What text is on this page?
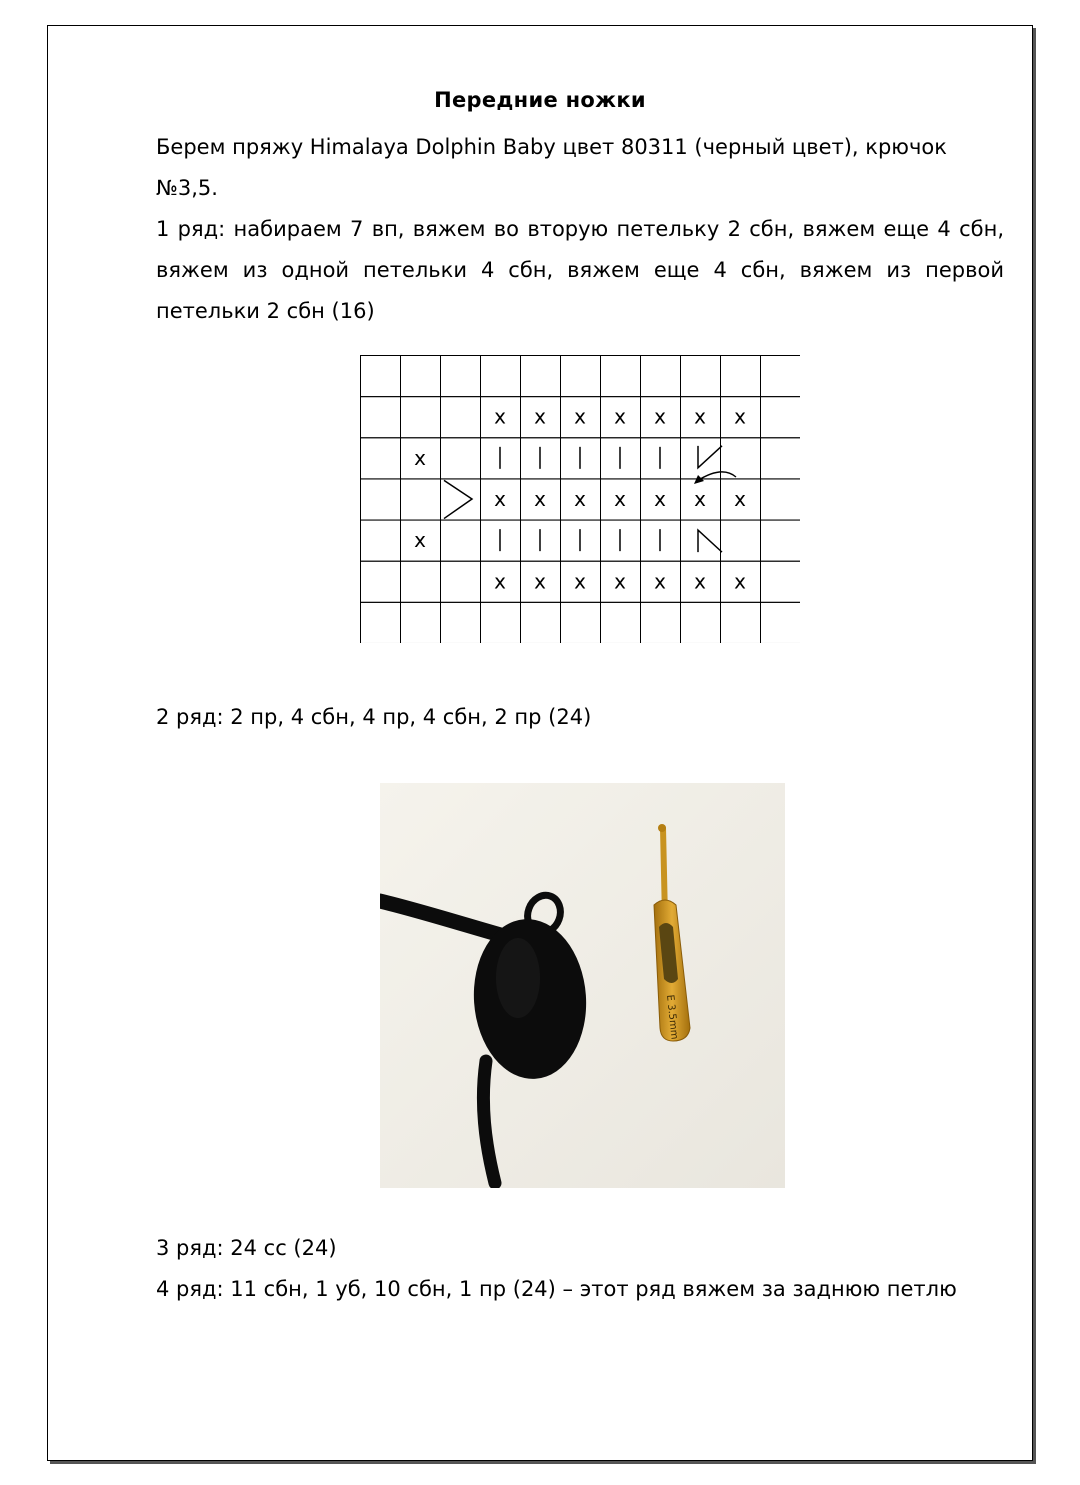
Передние ножки

Берем пряжу Himalaya Dolphin Baby цвет 80311 (черный цвет), крючок №3,5.

1 ряд: набираем 7 вп, вяжем во вторую петельку 2 сбн, вяжем еще 4 сбн, вяжем из одной петельки 4 сбн, вяжем еще 4 сбн, вяжем из первой петельки 2 сбн (16)

x x x x x x x
x
x x x x x x x
x
x x x x x x x

2 ряд: 2 пр, 4 сбн, 4 пр, 4 сбн, 2 пр (24)

E 3.5mm

3 ряд: 24 сс (24)

4 ряд: 11 сбн, 1 уб, 10 сбн, 1 пр (24) – этот ряд вяжем за заднюю петлю
